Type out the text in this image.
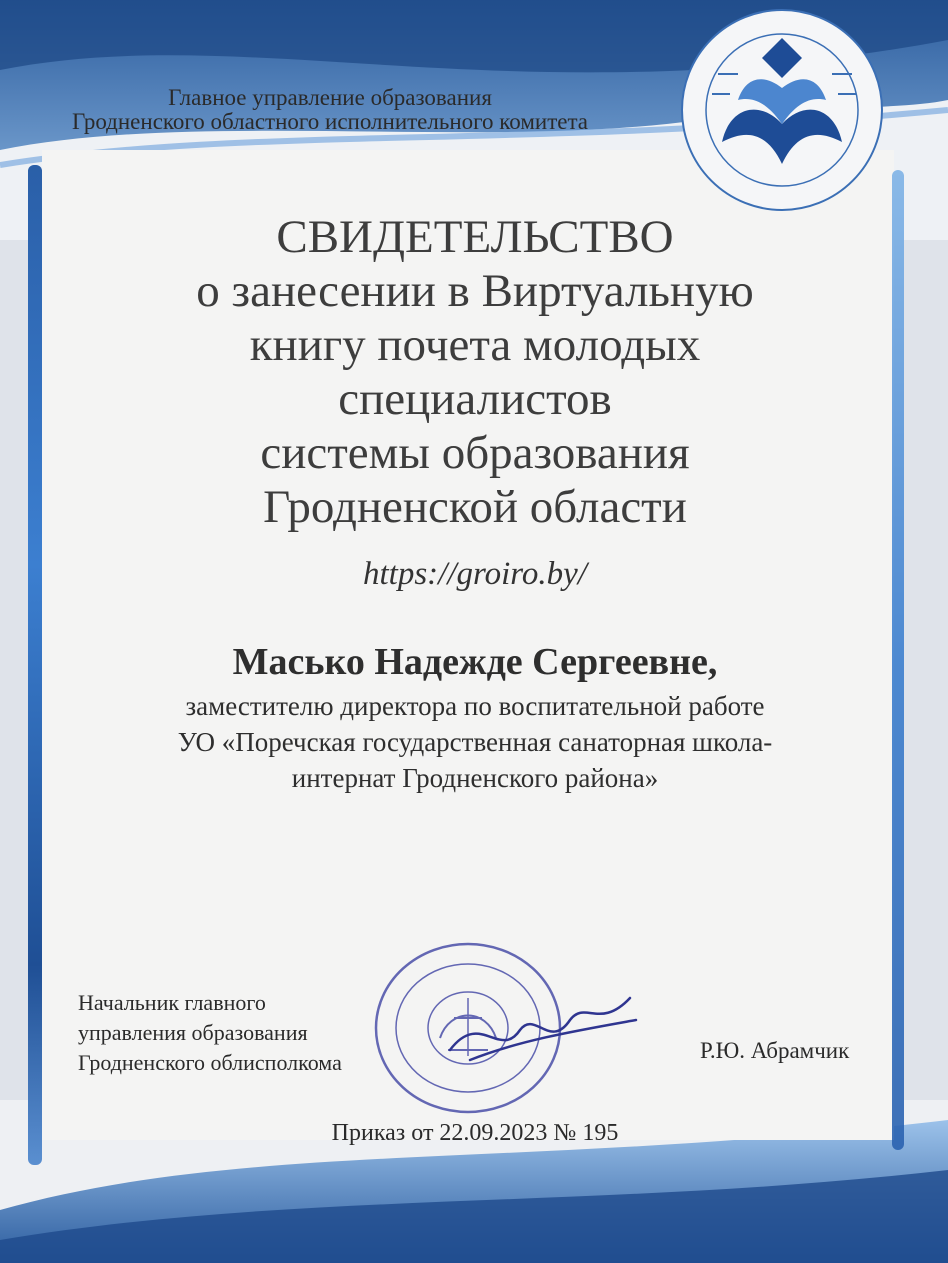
Главное управление образования
Гродненского областного исполнительного комитета
СВИДЕТЕЛЬСТВО
о занесении в Виртуальную
книгу почета молодых
специалистов
системы образования
Гродненской области
https://groiro.by/
Масько Надежде Сергеевне,
заместителю директора по воспитательной работе
УО «Поречская государственная санаторная школа-
интернат Гродненского района»
Начальник главного
управления образования
Гродненского облисполкома	Р.Ю. Абрамчик
Приказ от 22.09.2023 № 195
